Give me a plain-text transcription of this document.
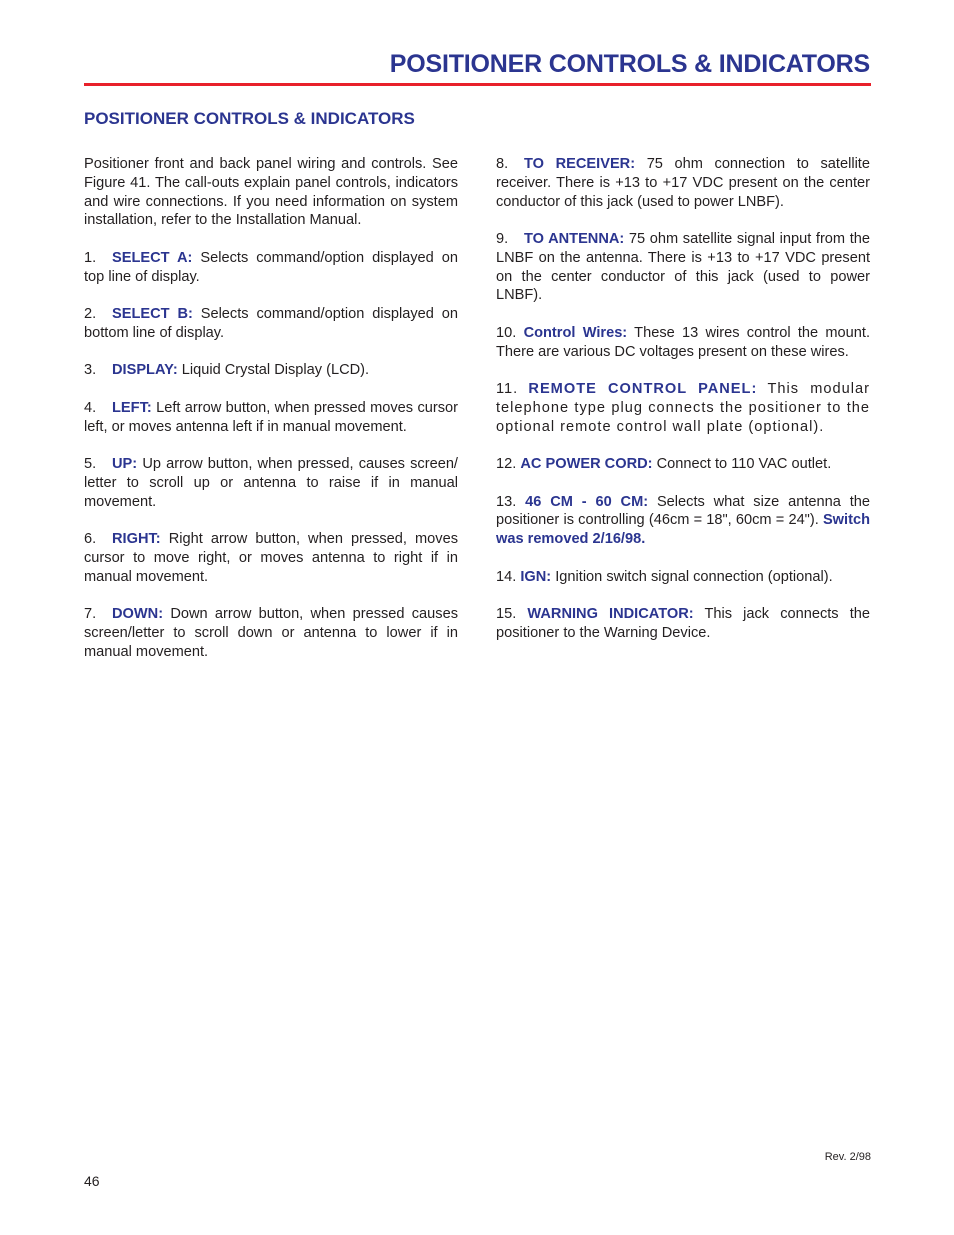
POSITIONER CONTROLS & INDICATORS
POSITIONER CONTROLS & INDICATORS

Positioner front and back panel wiring and controls. See Figure 41. The call-outs explain panel controls, indicators and wire connections. If you need information on system installation, refer to the Installation Manual.

1. SELECT A: Selects command/option displayed on top line of display.

2. SELECT B: Selects command/option displayed on bottom line of display.

3. DISPLAY: Liquid Crystal Display (LCD).

4. LEFT: Left arrow button, when pressed moves cursor left, or moves antenna left if in manual movement.

5. UP: Up arrow button, when pressed, causes screen/ letter to scroll up or antenna to raise if in manual movement.

6. RIGHT: Right arrow button, when pressed, moves cursor to move right, or moves antenna to right if in manual movement.

7. DOWN: Down arrow button, when pressed causes screen/letter to scroll down or antenna to lower if in manual movement.

8. TO RECEIVER: 75 ohm connection to satellite receiver. There is +13 to +17 VDC present on the center conductor of this jack (used to power LNBF).

9. TO ANTENNA: 75 ohm satellite signal input from the LNBF on the antenna. There is +13 to +17 VDC present on the center conductor of this jack (used to power LNBF).

10. Control Wires: These 13 wires control the mount. There are various DC voltages present on these wires.

11. REMOTE CONTROL PANEL: This modular telephone type plug connects the positioner to the optional remote control wall plate (optional).

12. AC POWER CORD: Connect to 110 VAC outlet.

13. 46 CM - 60 CM: Selects what size antenna the positioner is controlling (46cm = 18", 60cm = 24"). Switch was removed 2/16/98.

14. IGN: Ignition switch signal connection (optional).

15. WARNING INDICATOR: This jack connects the positioner to the Warning Device.

Rev. 2/98
46
